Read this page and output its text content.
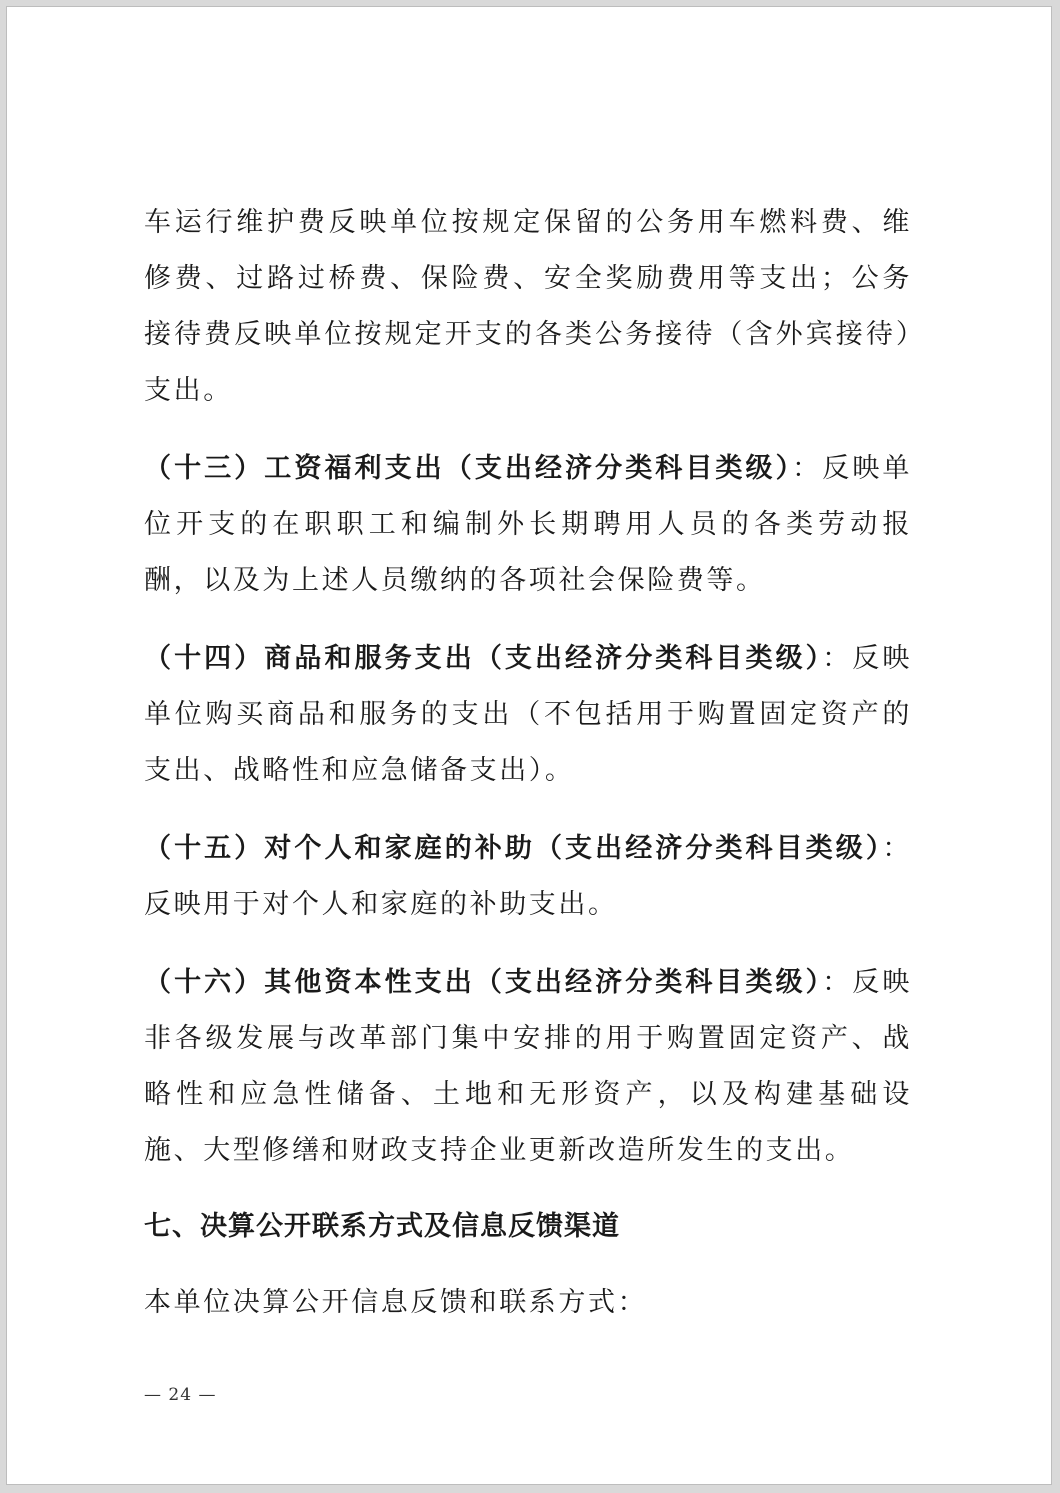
车运行维护费反映单位按规定保留的公务用车燃料费、维修费、过路过桥费、保险费、安全奖励费用等支出；公务接待费反映单位按规定开支的各类公务接待（含外宾接待）支出。

（十三）工资福利支出（支出经济分类科目类级）：反映单位开支的在职职工和编制外长期聘用人员的各类劳动报酬，以及为上述人员缴纳的各项社会保险费等。

（十四）商品和服务支出（支出经济分类科目类级）：反映单位购买商品和服务的支出（不包括用于购置固定资产的支出、战略性和应急储备支出）。

（十五）对个人和家庭的补助（支出经济分类科目类级）：反映用于对个人和家庭的补助支出。

（十六）其他资本性支出（支出经济分类科目类级）：反映非各级发展与改革部门集中安排的用于购置固定资产、战略性和应急性储备、土地和无形资产，以及构建基础设施、大型修缮和财政支持企业更新改造所发生的支出。

七、决算公开联系方式及信息反馈渠道

本单位决算公开信息反馈和联系方式：

— 24 —
